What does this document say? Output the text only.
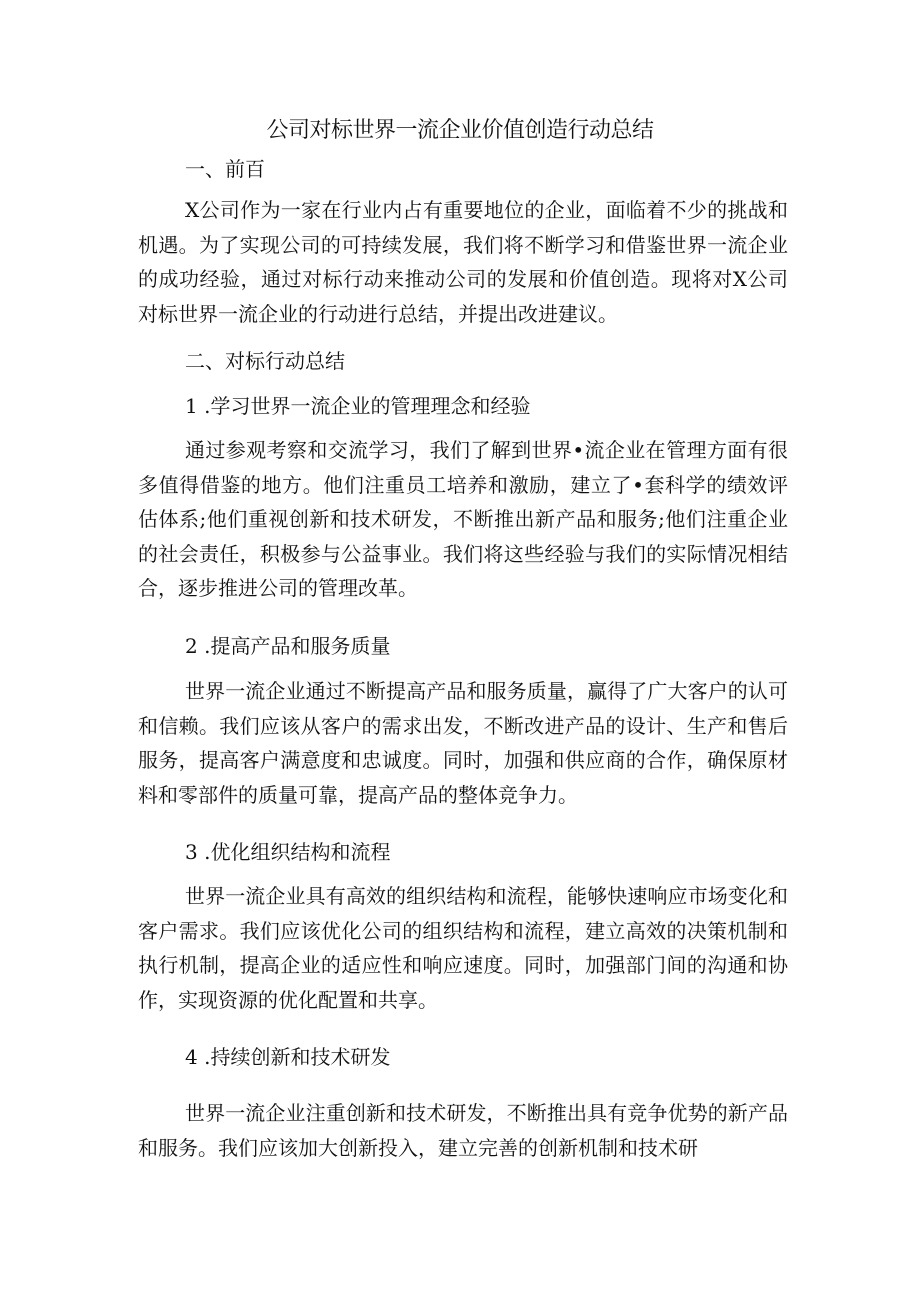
公司对标世界一流企业价值创造行动总结

一、前百

X公司作为一家在行业内占有重要地位的企业，面临着不少的挑战和机遇。为了实现公司的可持续发展，我们将不断学习和借鉴世界一流企业的成功经验，通过对标行动来推动公司的发展和价值创造。现将对X公司对标世界一流企业的行动进行总结，并提出改进建议。

二、对标行动总结

1 .学习世界一流企业的管理理念和经验

通过参观考察和交流学习，我们了解到世界•流企业在管理方面有很多值得借鉴的地方。他们注重员工培养和激励，建立了•套科学的绩效评估体系;他们重视创新和技术研发，不断推出新产品和服务;他们注重企业的社会责任，积极参与公益事业。我们将这些经验与我们的实际情况相结合，逐步推进公司的管理改革。

2 .提高产品和服务质量

世界一流企业通过不断提高产品和服务质量，赢得了广大客户的认可和信赖。我们应该从客户的需求出发，不断改进产品的设计、生产和售后服务，提高客户满意度和忠诚度。同时，加强和供应商的合作，确保原材料和零部件的质量可靠，提高产品的整体竞争力。

3 .优化组织结构和流程

世界一流企业具有高效的组织结构和流程，能够快速响应市场变化和客户需求。我们应该优化公司的组织结构和流程，建立高效的决策机制和执行机制，提高企业的适应性和响应速度。同时，加强部门间的沟通和协作，实现资源的优化配置和共享。

4 .持续创新和技术研发

世界一流企业注重创新和技术研发，不断推出具有竞争优势的新产品和服务。我们应该加大创新投入，建立完善的创新机制和技术研
